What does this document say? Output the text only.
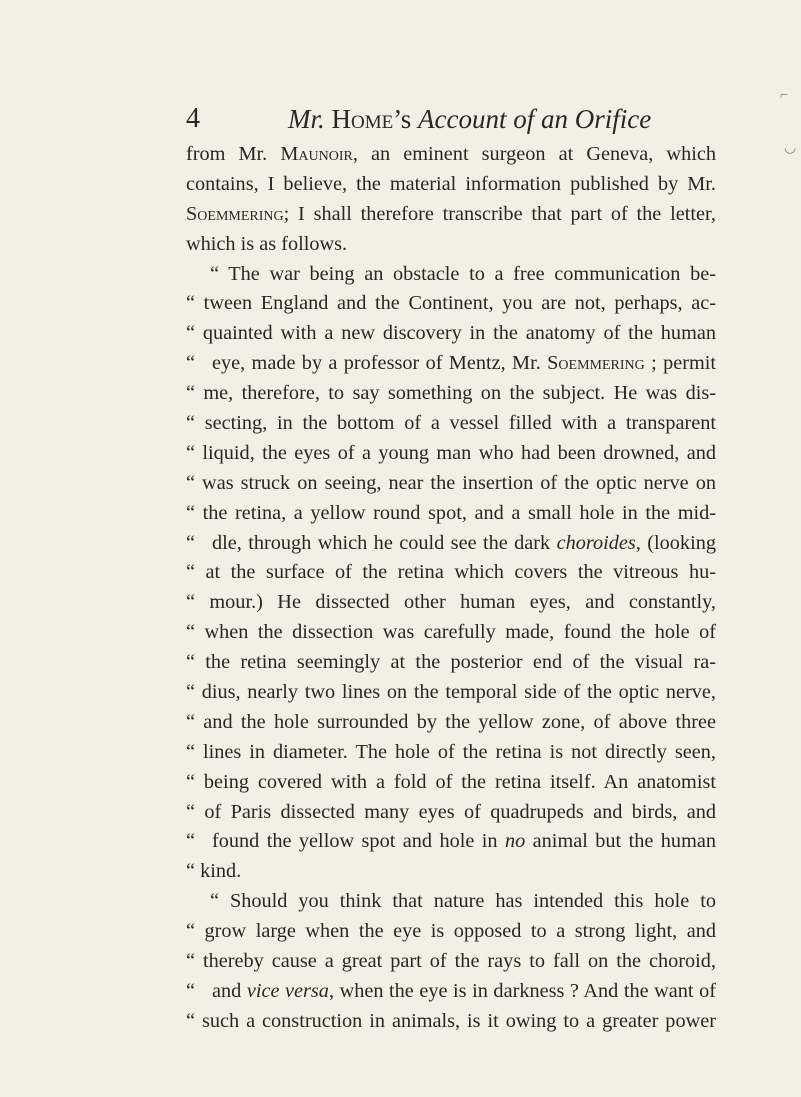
4	Mr. Home’s Account of an Orifice
from Mr. Maunoir, an eminent surgeon at Geneva, which
contains, I believe, the material information published by Mr.
Soemmering; I shall therefore transcribe that part of the letter,
which is as follows.
“ The war being an obstacle to a free communication be-
“ tween England and the Continent, you are not, perhaps, ac-
“ quainted with a new discovery in the anatomy of the human
“ eye, made by a professor of Mentz, Mr. Soemmering ; permit
“ me, therefore, to say something on the subject. He was dis-
“ secting, in the bottom of a vessel filled with a transparent
“ liquid, the eyes of a young man who had been drowned, and
“ was struck on seeing, near the insertion of the optic nerve on
“ the retina, a yellow round spot, and a small hole in the mid-
“ dle, through which he could see the dark choroides, (looking
“ at the surface of the retina which covers the vitreous hu-
“ mour.) He dissected other human eyes, and constantly,
“ when the dissection was carefully made, found the hole of
“ the retina seemingly at the posterior end of the visual ra-
“ dius, nearly two lines on the temporal side of the optic nerve,
“ and the hole surrounded by the yellow zone, of above three
“ lines in diameter. The hole of the retina is not directly seen,
“ being covered with a fold of the retina itself. An anatomist
“ of Paris dissected many eyes of quadrupeds and birds, and
“ found the yellow spot and hole in no animal but the human
“ kind.
“ Should you think that nature has intended this hole to
“ grow large when the eye is opposed to a strong light, and
“ thereby cause a great part of the rays to fall on the choroid,
“ and vice versa, when the eye is in darkness ? And the want of
“ such a construction in animals, is it owing to a greater power
⌐
◡
